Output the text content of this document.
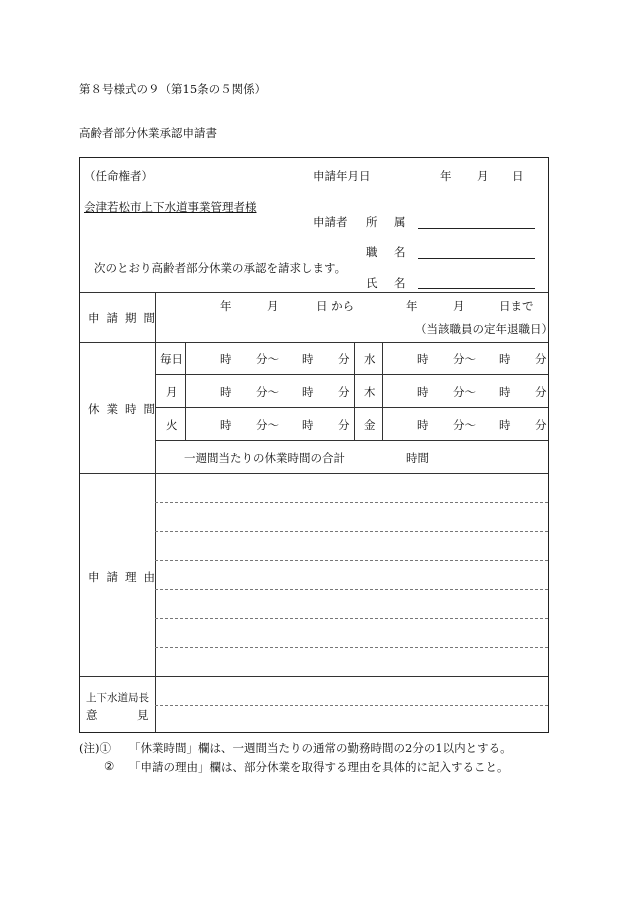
第８号様式の９（第15条の５関係）
高齢者部分休業承認申請書
（任命権者）	申請年月日	年 月 日
会津若松市上下水道事業管理者様
申請者 所 属
職 名
次のとおり高齢者部分休業の承認を請求します。
氏 名
申請期間
年	月	日 から	年	月	日まで
（当該職員の定年退職日）
休業時間
毎日	時 分～ 時 分 水	時 分～ 時 分
月	時 分～ 時 分 木	時 分～ 時 分
火	時 分～ 時 分 金	時 分～ 時 分
一週間当たりの休業時間の合計	時間
申請理由
上下水道局長
意	見
(注)① 「休業時間」欄は、一週間当たりの通常の勤務時間の2分の1以内とする。
② 「申請の理由」欄は、部分休業を取得する理由を具体的に記入すること。
